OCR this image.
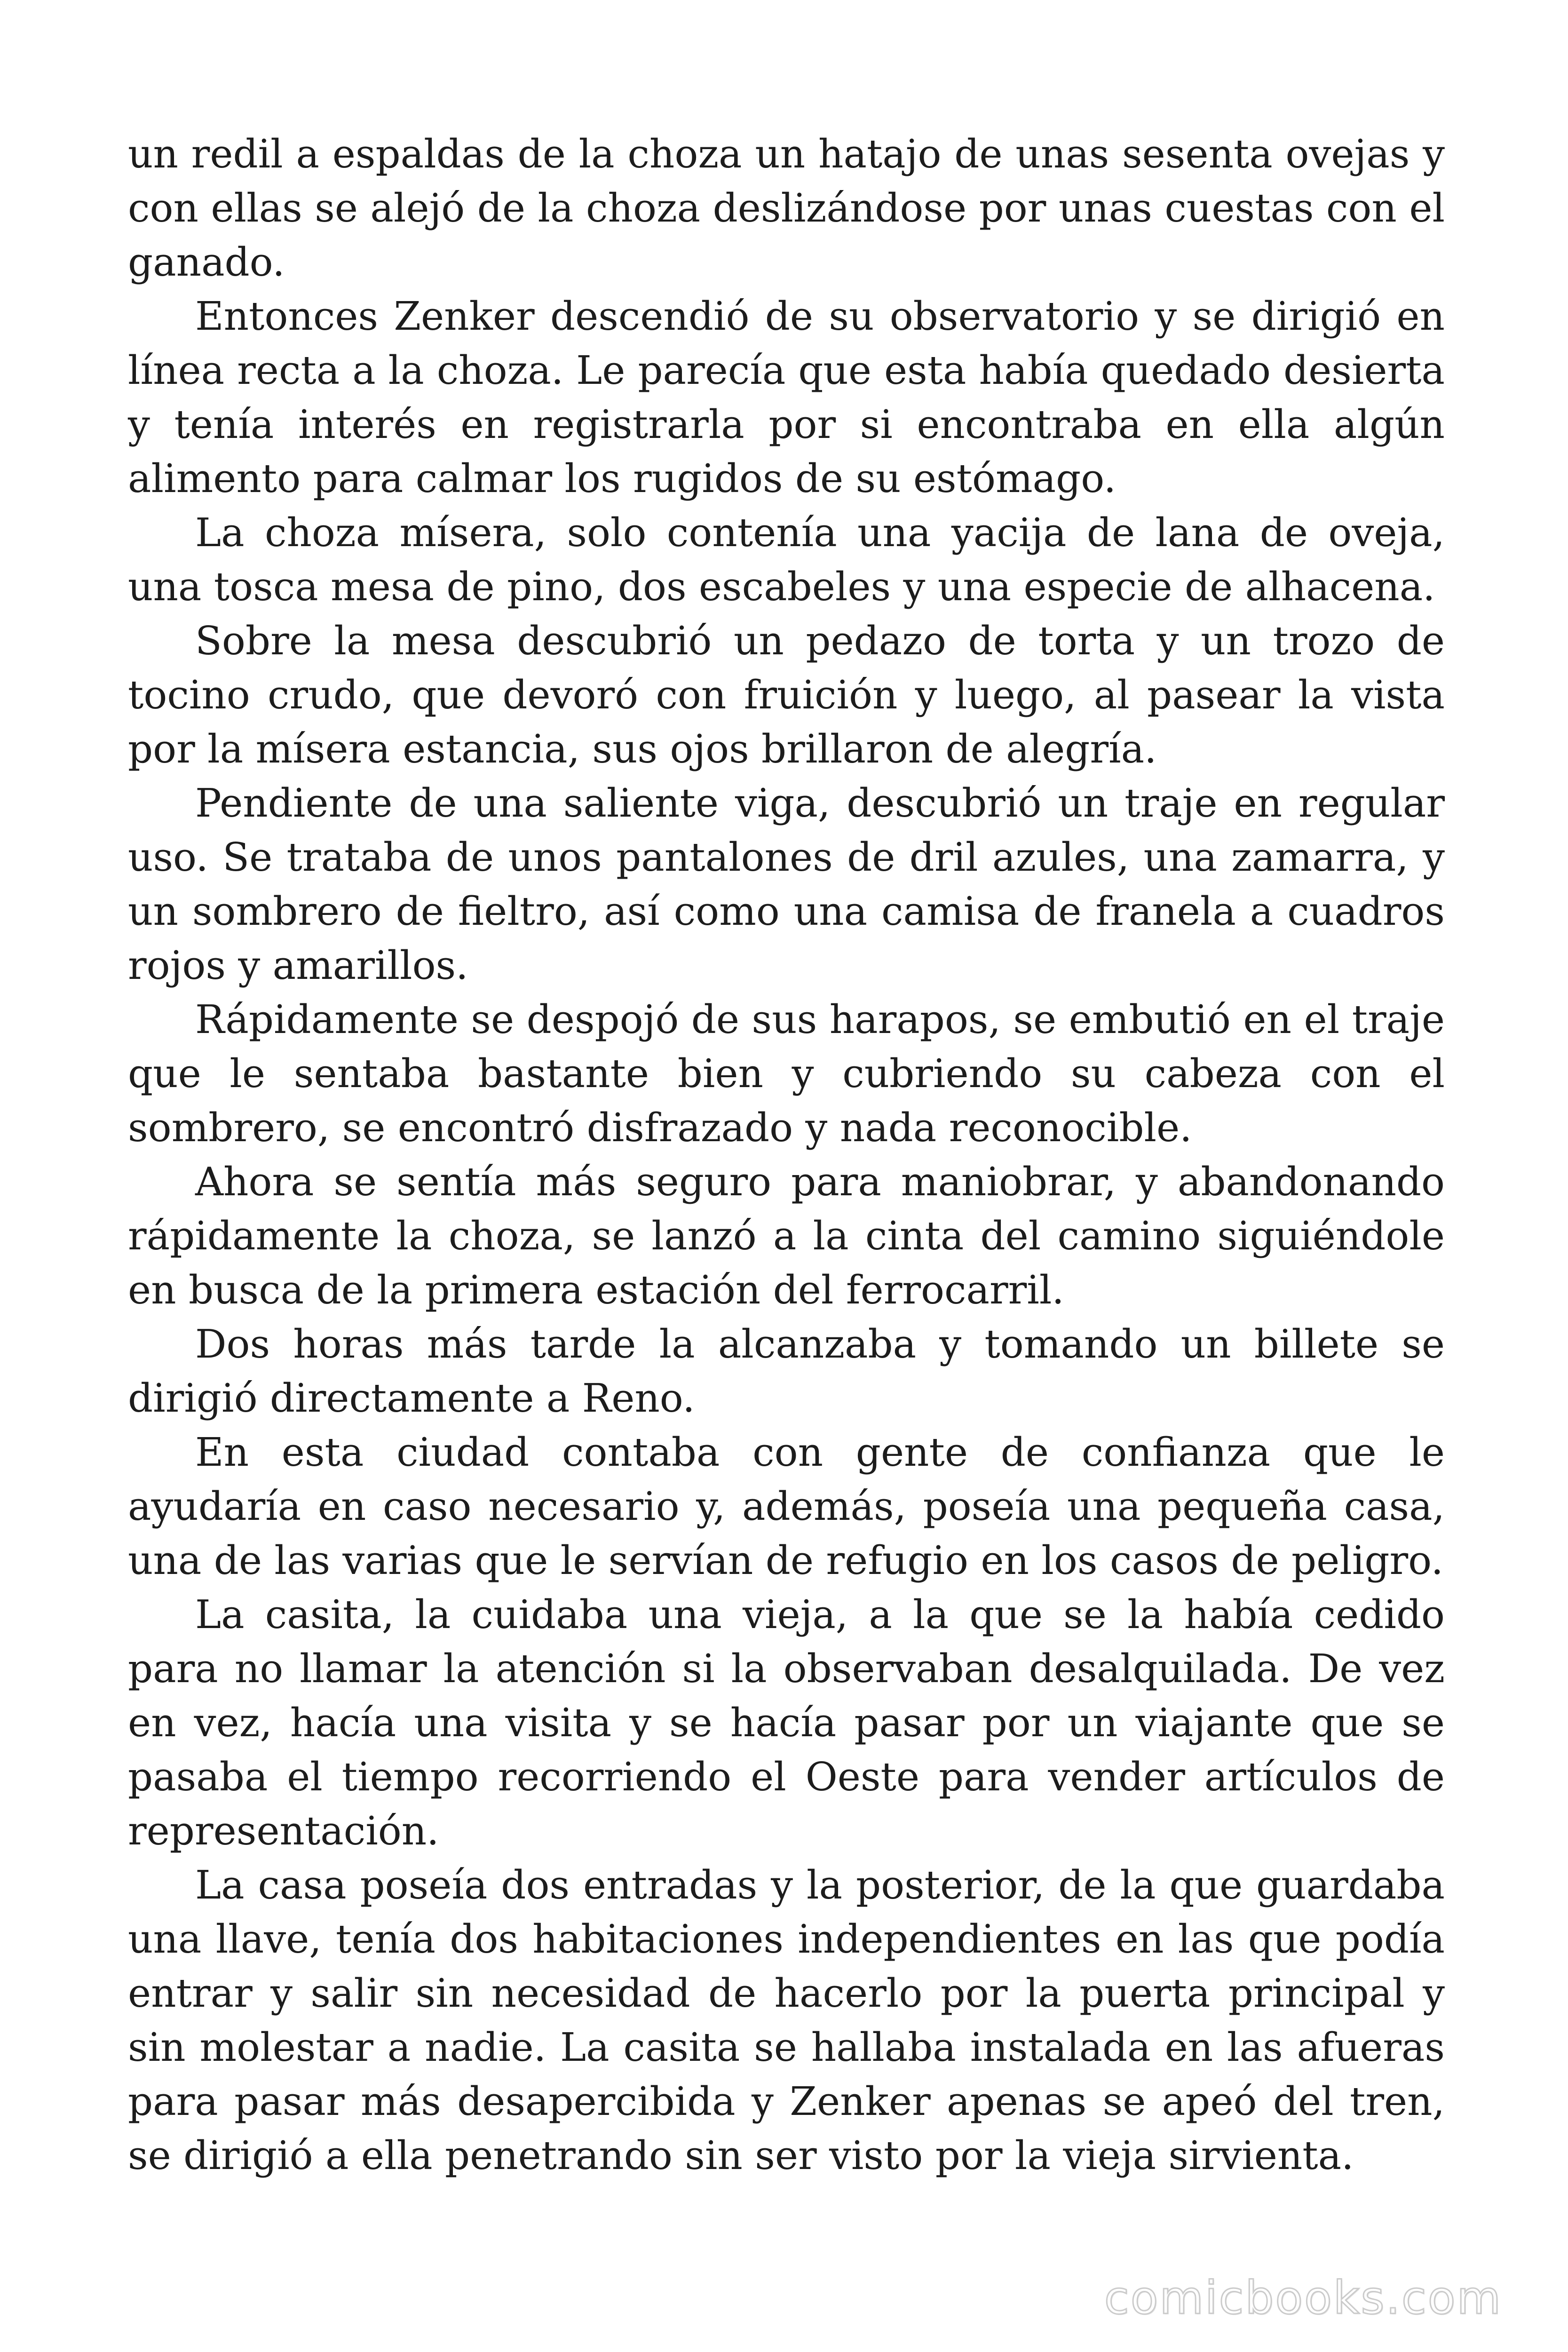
un redil a espaldas de la choza un hatajo de unas sesenta ovejas y con ellas se alejó de la choza deslizándose por unas cuestas con el ganado.

Entonces Zenker descendió de su observatorio y se dirigió en línea recta a la choza. Le parecía que esta había quedado desierta y tenía interés en registrarla por si encontraba en ella algún alimento para calmar los rugidos de su estómago.

La choza mísera, solo contenía una yacija de lana de oveja, una tosca mesa de pino, dos escabeles y una especie de alhacena.

Sobre la mesa descubrió un pedazo de torta y un trozo de tocino crudo, que devoró con fruición y luego, al pasear la vista por la mísera estancia, sus ojos brillaron de alegría.

Pendiente de una saliente viga, descubrió un traje en regular uso. Se trataba de unos pantalones de dril azules, una zamarra, y un sombrero de fieltro, así como una camisa de franela a cuadros rojos y amarillos.

Rápidamente se despojó de sus harapos, se embutió en el traje que le sentaba bastante bien y cubriendo su cabeza con el sombrero, se encontró disfrazado y nada reconocible.

Ahora se sentía más seguro para maniobrar, y abandonando rápidamente la choza, se lanzó a la cinta del camino siguiéndole en busca de la primera estación del ferrocarril.

Dos horas más tarde la alcanzaba y tomando un billete se dirigió directamente a Reno.

En esta ciudad contaba con gente de confianza que le ayudaría en caso necesario y, además, poseía una pequeña casa, una de las varias que le servían de refugio en los casos de peligro.

La casita, la cuidaba una vieja, a la que se la había cedido para no llamar la atención si la observaban desalquilada. De vez en vez, hacía una visita y se hacía pasar por un viajante que se pasaba el tiempo recorriendo el Oeste para vender artículos de representación.

La casa poseía dos entradas y la posterior, de la que guardaba una llave, tenía dos habitaciones independientes en las que podía entrar y salir sin necesidad de hacerlo por la puerta principal y sin molestar a nadie. La casita se hallaba instalada en las afueras para pasar más desapercibida y Zenker apenas se apeó del tren, se dirigió a ella penetrando sin ser visto por la vieja sirvienta.

comicbooks.com
